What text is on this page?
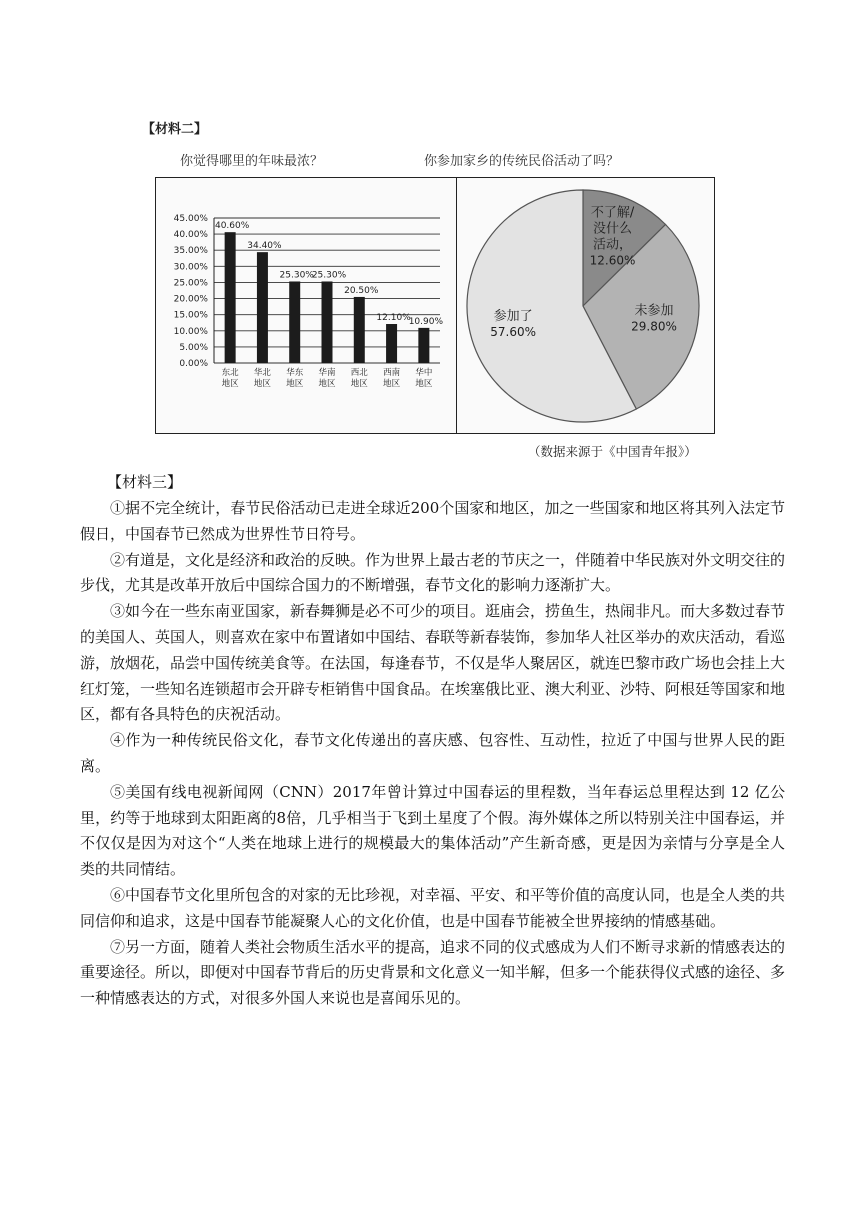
【材料二】
你觉得哪里的年味最浓？	你参加家乡的传统民俗活动了吗？
0.00%
5.00%
10.00%
15.00%
20.00%
25.00%
30.00%
35.00%
40.00%
45.00%
40.60%
东北
地区
34.40%
华北
地区
25.30%
华东
地区
25.30%
华南
地区
20.50%
西北
地区
12.10%
西南
地区
10.90%
华中
地区
不了解/
没什么
活动，
12.60%
未参加
29.80%
参加了
57.60%
（数据来源于《中国青年报》）
【材料三】

①据不完全统计，春节民俗活动已走进全球近200个国家和地区，加之一些国家和地区将其列入法定节假日，中国春节已然成为世界性节日符号。

②有道是，文化是经济和政治的反映。作为世界上最古老的节庆之一，伴随着中华民族对外文明交往的步伐，尤其是改革开放后中国综合国力的不断增强，春节文化的影响力逐渐扩大。

③如今在一些东南亚国家，新春舞狮是必不可少的项目。逛庙会，捞鱼生，热闹非凡。而大多数过春节的美国人、英国人，则喜欢在家中布置诸如中国结、春联等新春装饰，参加华人社区举办的欢庆活动，看巡游，放烟花，品尝中国传统美食等。在法国，每逢春节，不仅是华人聚居区，就连巴黎市政广场也会挂上大红灯笼，一些知名连锁超市会开辟专柜销售中国食品。在埃塞俄比亚、澳大利亚、沙特、阿根廷等国家和地区，都有各具特色的庆祝活动。

④作为一种传统民俗文化，春节文化传递出的喜庆感、包容性、互动性，拉近了中国与世界人民的距离。

⑤美国有线电视新闻网（CNN）2017年曾计算过中国春运的里程数，当年春运总里程达到 12 亿公里，约等于地球到太阳距离的8倍，几乎相当于飞到土星度了个假。海外媒体之所以特别关注中国春运，并不仅仅是因为对这个“人类在地球上进行的规模最大的集体活动”产生新奇感，更是因为亲情与分享是全人类的共同情结。

⑥中国春节文化里所包含的对家的无比珍视，对幸福、平安、和平等价值的高度认同，也是全人类的共同信仰和追求，这是中国春节能凝聚人心的文化价值，也是中国春节能被全世界接纳的情感基础。

⑦另一方面，随着人类社会物质生活水平的提高，追求不同的仪式感成为人们不断寻求新的情感表达的重要途径。所以，即便对中国春节背后的历史背景和文化意义一知半解，但多一个能获得仪式感的途径、多一种情感表达的方式，对很多外国人来说也是喜闻乐见的。
